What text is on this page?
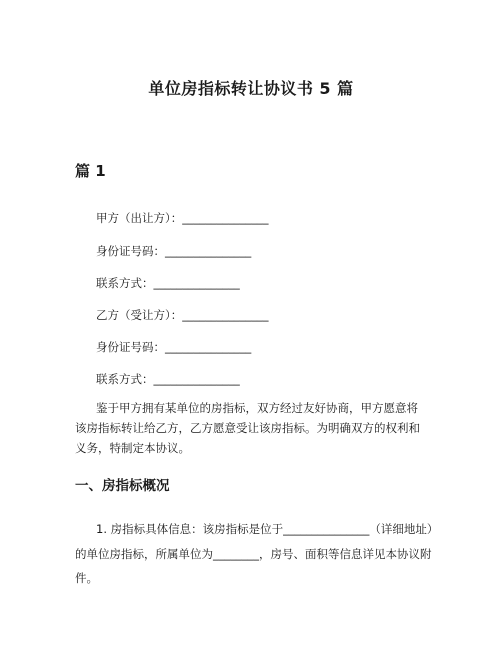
单位房指标转让协议书 5 篇
篇 1
甲方（出让方）：_______________
身份证号码：_______________
联系方式：_______________
乙方（受让方）：_______________
身份证号码：_______________
联系方式：_______________
鉴于甲方拥有某单位的房指标，双方经过友好协商，甲方愿意将
该房指标转让给乙方，乙方愿意受让该房指标。为明确双方的权利和
义务，特制定本协议。
一、房指标概况
1. 房指标具体信息：该房指标是位于_______________（详细地址）
的单位房指标，所属单位为________，房号、面积等信息详见本协议附
件。
